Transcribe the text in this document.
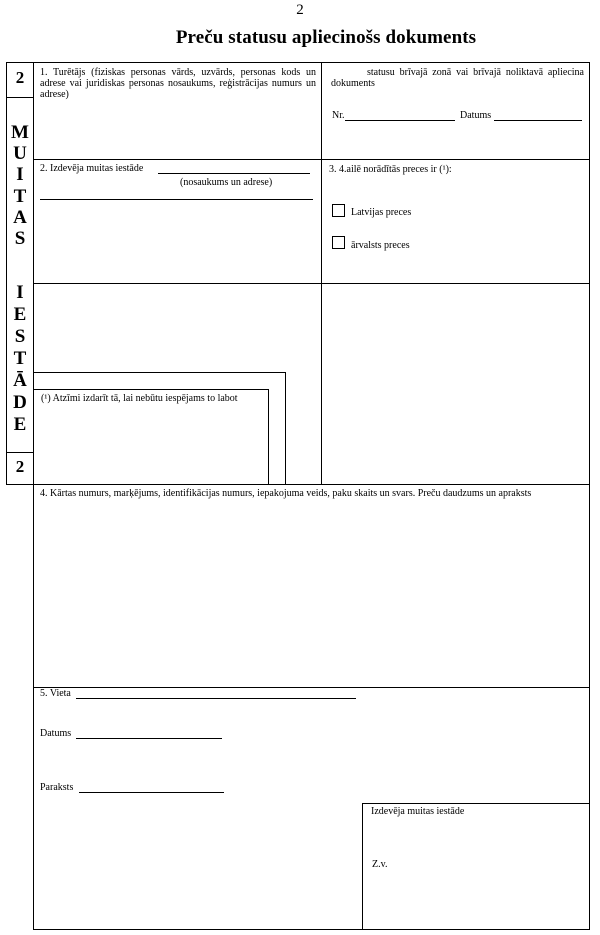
2
Preču statusu apliecinošs dokuments
2
M
U
I
T
A
S
I
E
S
T
Ā
D
E
2
1. Turētājs (fiziskas personas vārds, uzvārds, personas kods un adrese vai juridiskas personas nosaukums, reģistrācijas numurs un adrese)
statusu brīvajā zonā vai brīvajā noliktavā apliecina dokuments
Nr.	Datums
2. Izdevēja muitas iestāde
(nosaukums un adrese)
3. 4.ailē norādītās preces ir (¹):
Latvijas preces
ārvalsts preces
(¹) Atzīmi izdarīt tā, lai nebūtu iespējams to labot
4. Kārtas numurs, marķējums, identifikācijas numurs, iepakojuma veids, paku skaits un svars. Preču daudzums un apraksts
5. Vieta
Datums
Paraksts
Izdevēja muitas iestāde
Z.v.
